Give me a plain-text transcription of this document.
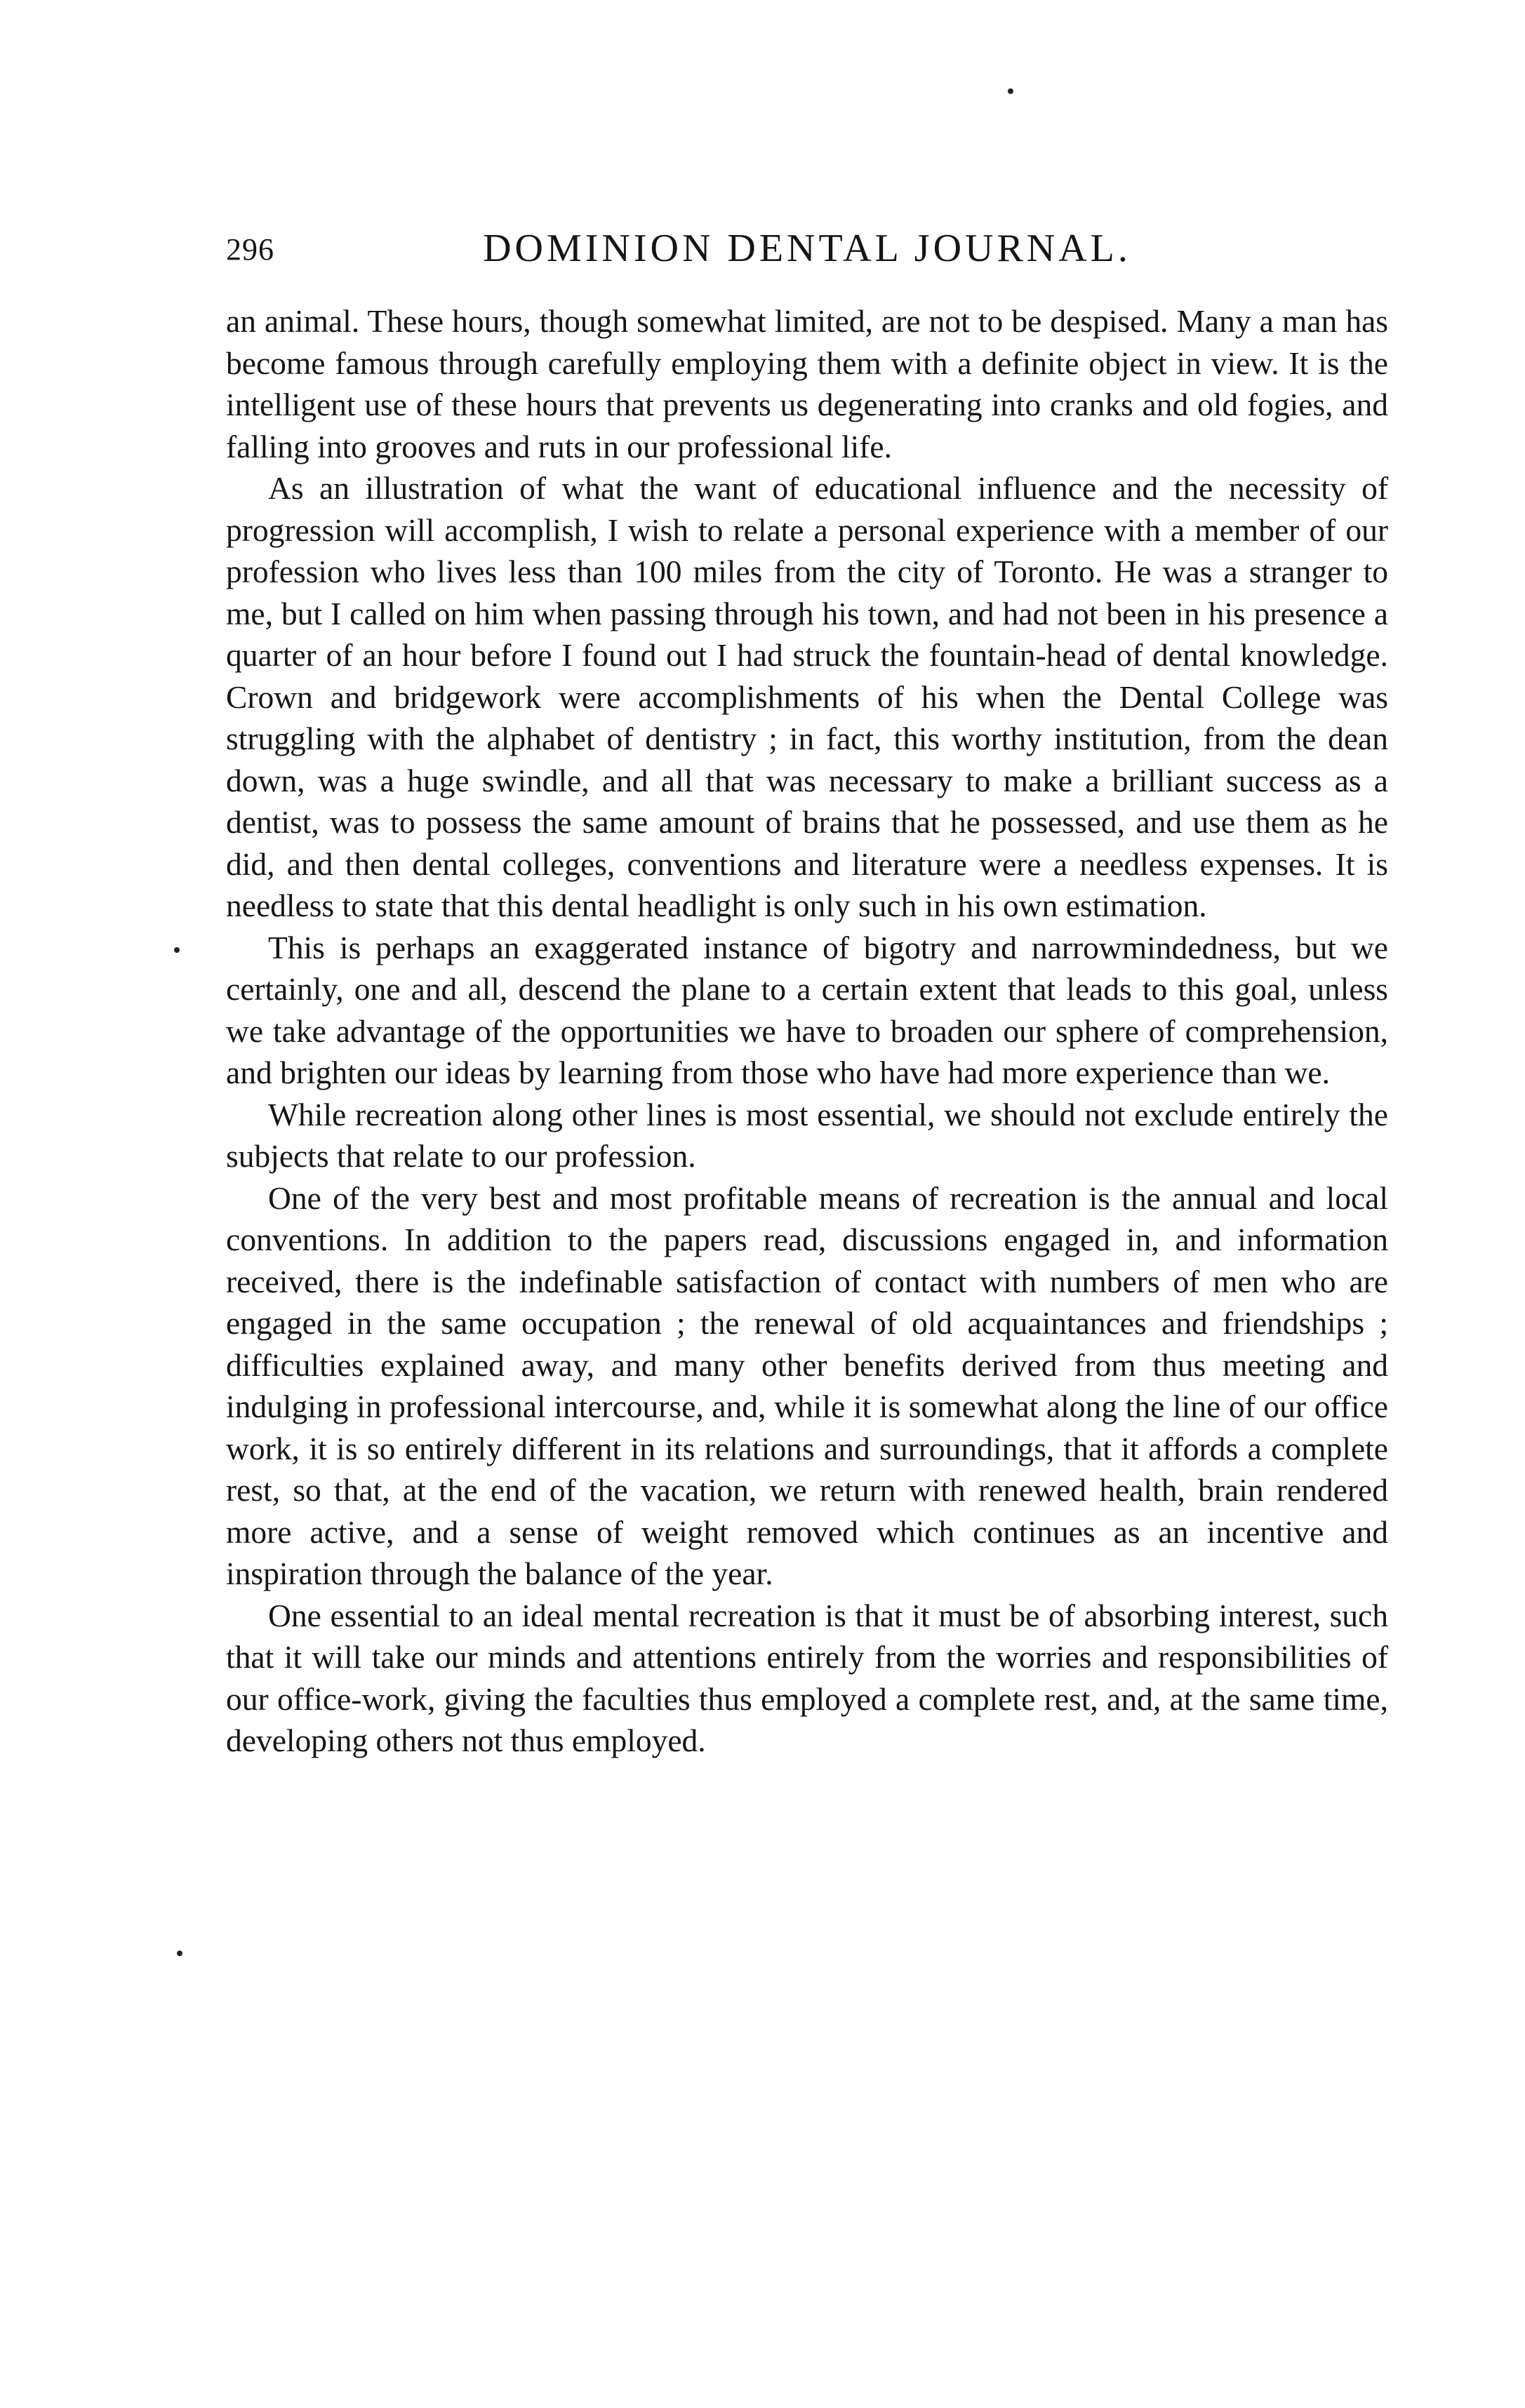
296	DOMINION DENTAL JOURNAL.

an animal. These hours, though somewhat limited, are not to be despised. Many a man has become famous through carefully employing them with a definite object in view. It is the intelligent use of these hours that prevents us degenerating into cranks and old fogies, and falling into grooves and ruts in our professional life.

As an illustration of what the want of educational influence and the necessity of progression will accomplish, I wish to relate a personal experience with a member of our profession who lives less than 100 miles from the city of Toronto. He was a stranger to me, but I called on him when passing through his town, and had not been in his presence a quarter of an hour before I found out I had struck the fountain-head of dental knowledge. Crown and bridgework were accomplishments of his when the Dental College was struggling with the alphabet of dentistry ; in fact, this worthy institution, from the dean down, was a huge swindle, and all that was necessary to make a brilliant success as a dentist, was to possess the same amount of brains that he possessed, and use them as he did, and then dental colleges, conventions and literature were a needless expenses. It is needless to state that this dental headlight is only such in his own estimation.

This is perhaps an exaggerated instance of bigotry and narrowmindedness, but we certainly, one and all, descend the plane to a certain extent that leads to this goal, unless we take advantage of the opportunities we have to broaden our sphere of comprehension, and brighten our ideas by learning from those who have had more experience than we.

While recreation along other lines is most essential, we should not exclude entirely the subjects that relate to our profession.

One of the very best and most profitable means of recreation is the annual and local conventions. In addition to the papers read, discussions engaged in, and information received, there is the indefinable satisfaction of contact with numbers of men who are engaged in the same occupation ; the renewal of old acquaintances and friendships ; difficulties explained away, and many other benefits derived from thus meeting and indulging in professional intercourse, and, while it is somewhat along the line of our office work, it is so entirely different in its relations and surroundings, that it affords a complete rest, so that, at the end of the vacation, we return with renewed health, brain rendered more active, and a sense of weight removed which continues as an incentive and inspiration through the balance of the year.

One essential to an ideal mental recreation is that it must be of absorbing interest, such that it will take our minds and attentions entirely from the worries and responsibilities of our office-work, giving the faculties thus employed a complete rest, and, at the same time, developing others not thus employed.
